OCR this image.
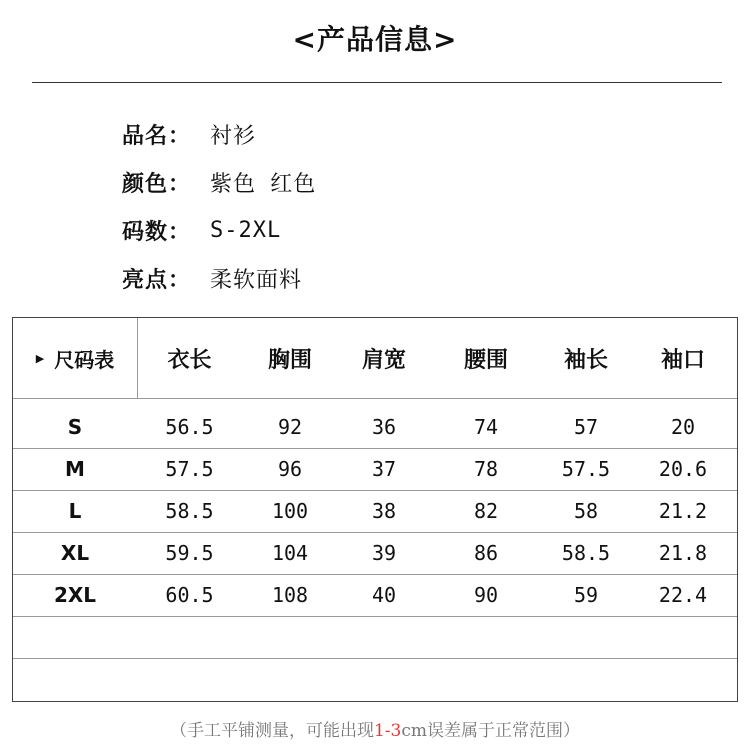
<产品信息>
品名： 衬衫
颜色： 紫色 红色
码数： S-2XL
亮点： 柔软面料
▶ 尺码表	衣长	胸围	肩宽	腰围	袖长	袖口
S	56.5	92	36	74	57	20
M	57.5	96	37	78	57.5	20.6
L	58.5	100	38	82	58	21.2
XL	59.5	104	39	86	58.5	21.8
2XL	60.5	108	40	90	59	22.4
（手工平铺测量，可能出现1-3cm误差属于正常范围）
